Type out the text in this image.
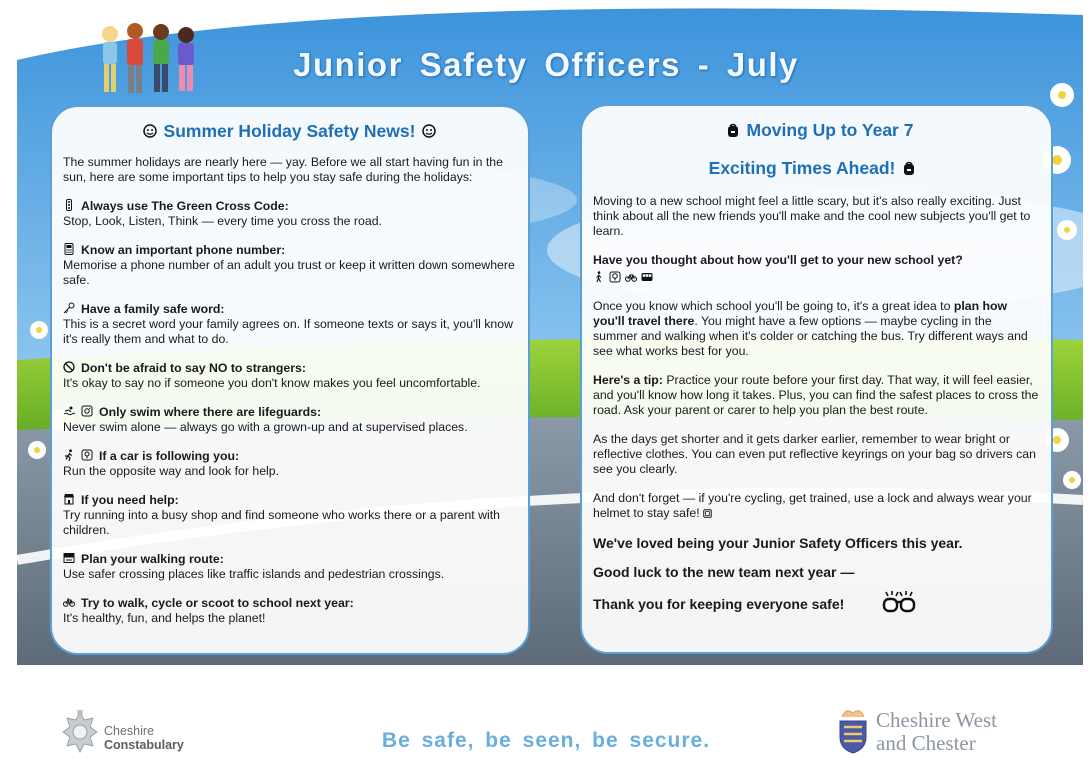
Junior Safety Officers - July
Summer Holiday Safety News!

The summer holidays are nearly here — yay. Before we all start having fun in the sun, here are some important tips to help you stay safe during the holidays:

Always use The Green Cross Code:
Stop, Look, Listen, Think — every time you cross the road.
Know an important phone number:
Memorise a phone number of an adult you trust or keep it written down somewhere safe.
Have a family safe word:
This is a secret word your family agrees on. If someone texts or says it, you'll know it's really them and what to do.
Don't be afraid to say NO to strangers:
It's okay to say no if someone you don't know makes you feel uncomfortable.
Only swim where there are lifeguards:
Never swim alone — always go with a grown-up and at supervised places.
If a car is following you:
Run the opposite way and look for help.
If you need help:
Try running into a busy shop and find someone who works there or a parent with children.
Plan your walking route:
Use safer crossing places like traffic islands and pedestrian crossings.
Try to walk, cycle or scoot to school next year:
It's healthy, fun, and helps the planet!
Moving Up to Year 7
Exciting Times Ahead!

Moving to a new school might feel a little scary, but it's also really exciting. Just think about all the new friends you'll make and the cool new subjects you'll get to learn.

Have you thought about how you'll get to your new school yet?

Once you know which school you'll be going to, it's a great idea to plan how you'll travel there. You might have a few options — maybe cycling in the summer and walking when it's colder or catching the bus. Try different ways and see what works best for you.

Here's a tip: Practice your route before your first day. That way, it will feel easier, and you'll know how long it takes. Plus, you can find the safest places to cross the road. Ask your parent or carer to help you plan the best route.

As the days get shorter and it gets darker earlier, remember to wear bright or reflective clothes. You can even put reflective keyrings on your bag so drivers can see you clearly.

And don't forget — if you're cycling, get trained, use a lock and always wear your helmet to stay safe!

We've loved being your Junior Safety Officers this year.
Good luck to the new team next year —
Thank you for keeping everyone safe!
Cheshire
Constabulary	Be safe, be seen, be secure.
Cheshire West
and Chester
